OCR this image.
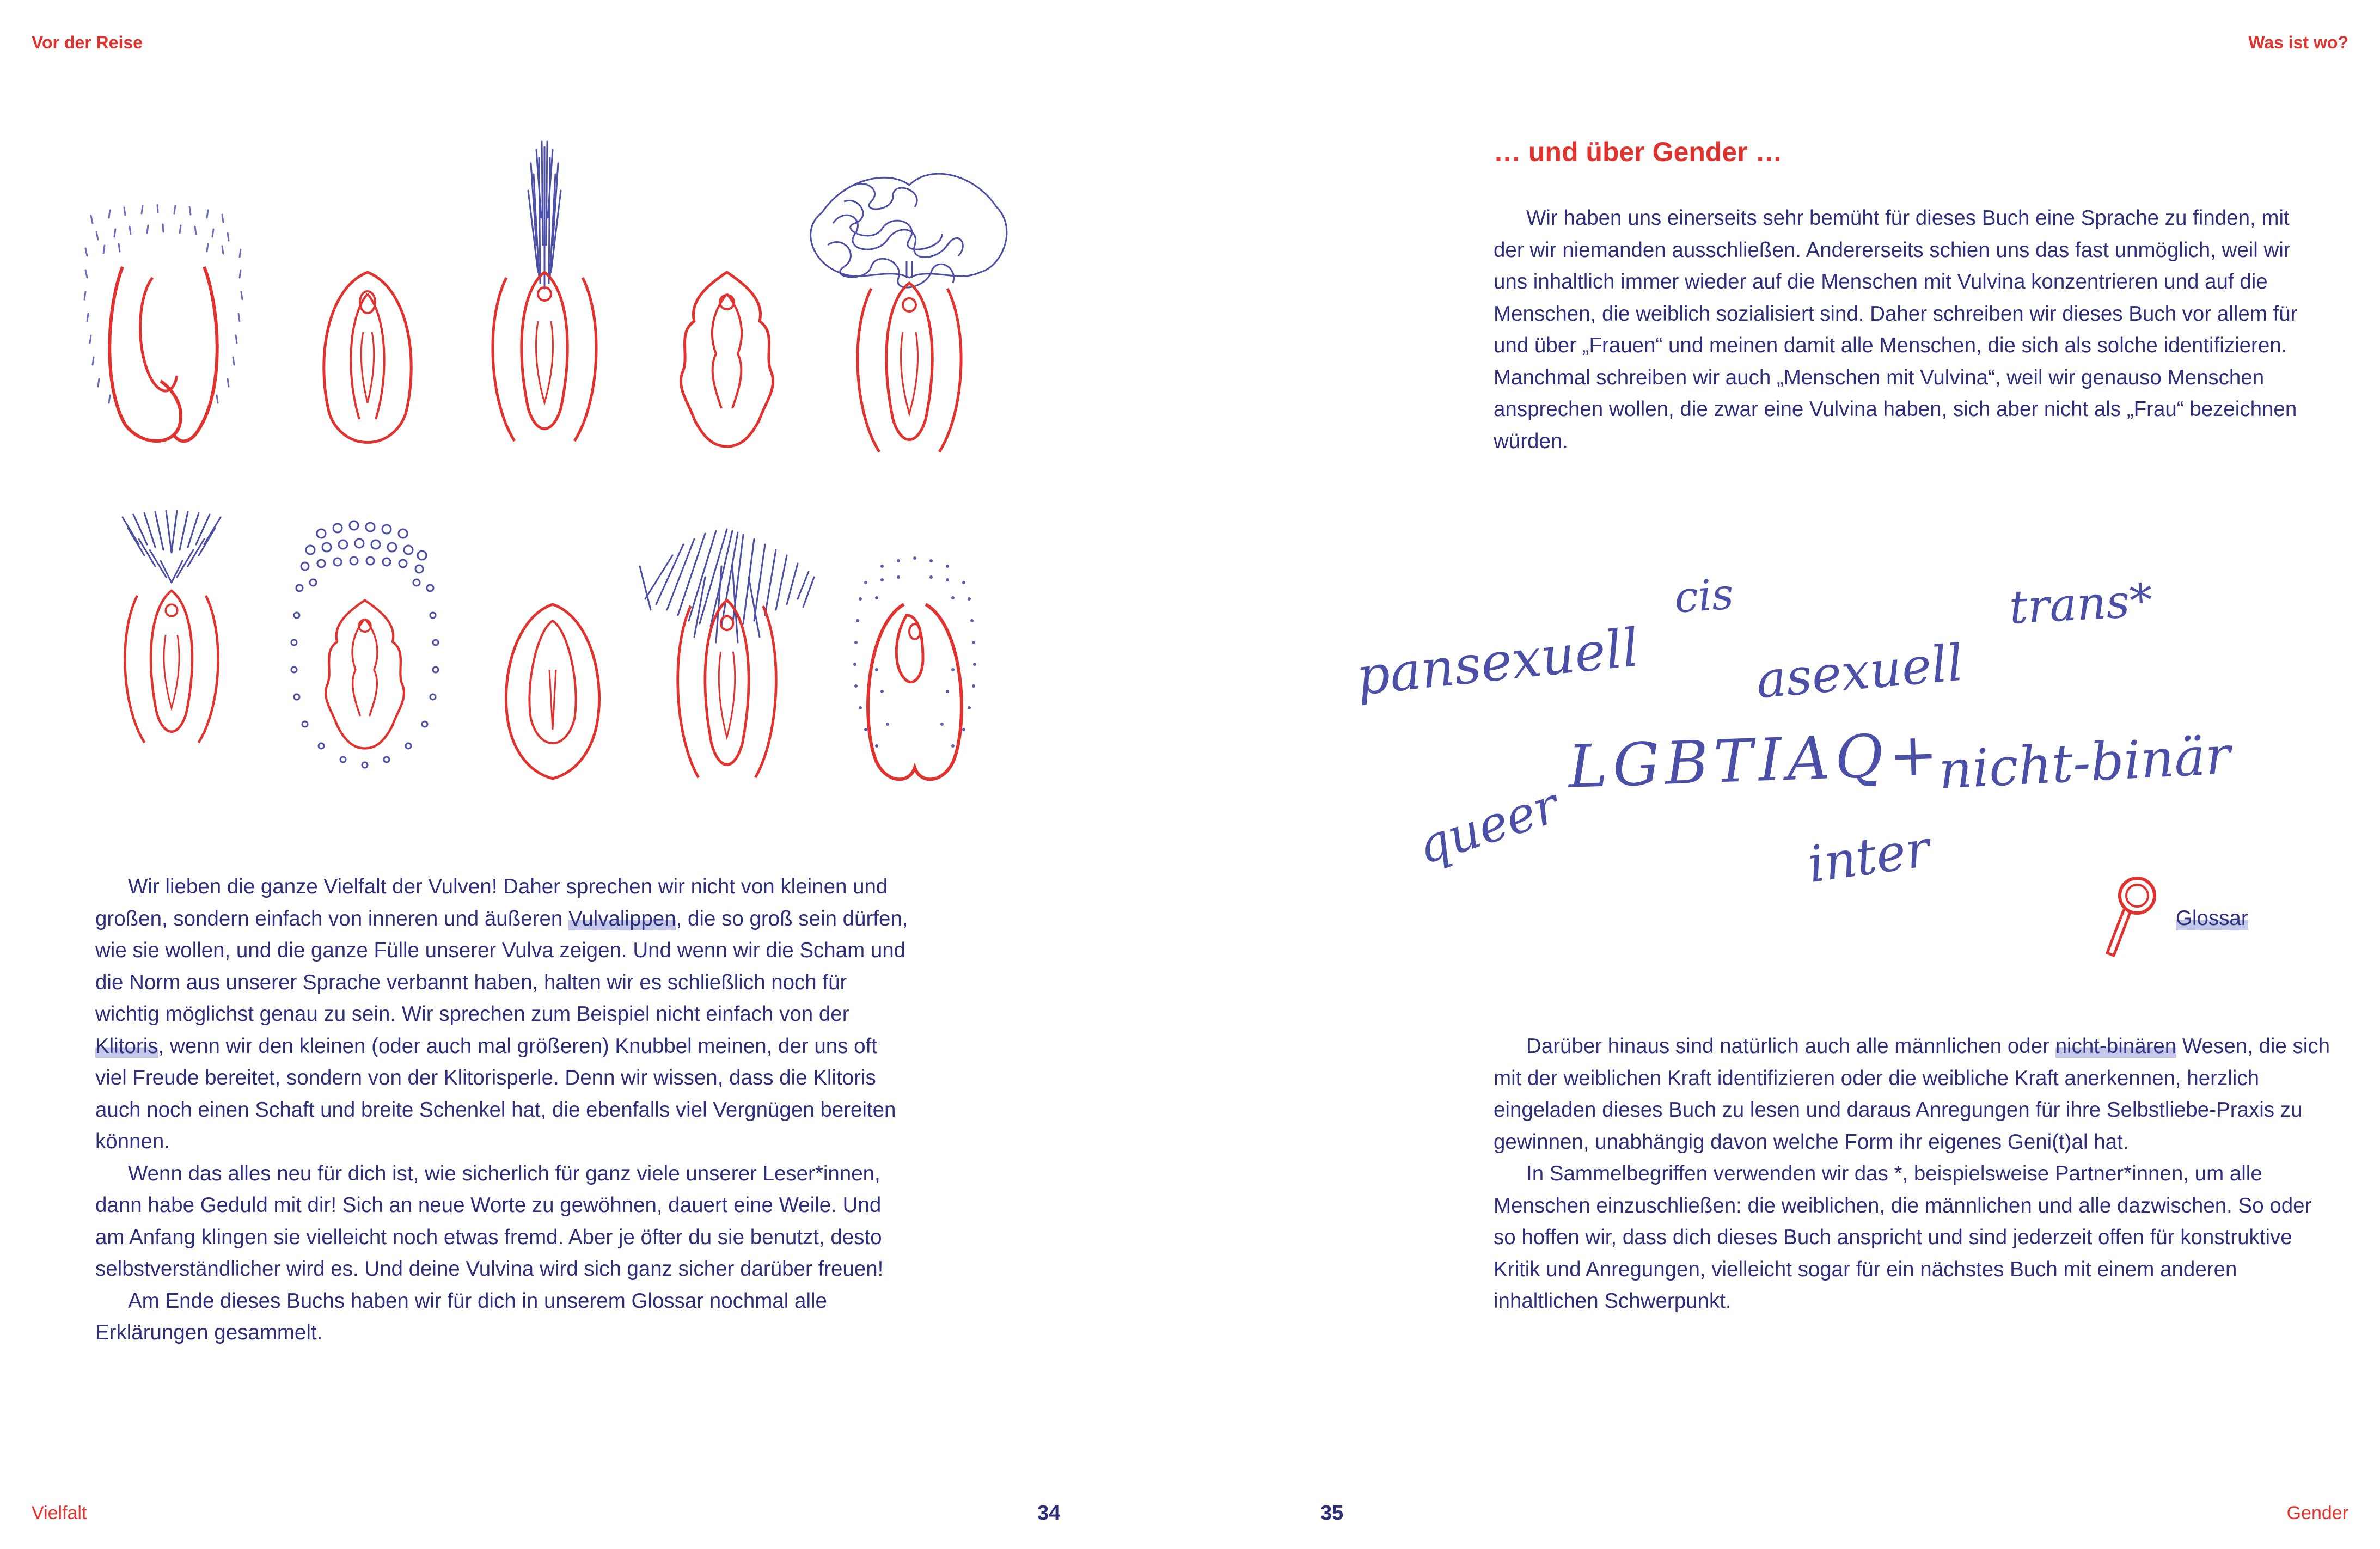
Vor der Reise	Was ist wo?
Vielfalt	34	35	Gender

Wir lieben die ganze Vielfalt der Vulven! Daher sprechen wir nicht von kleinen und großen, sondern einfach von inneren und äußeren Vulvalippen, die so groß sein dürfen, wie sie wollen, und die ganze Fülle unserer Vulva zeigen. Und wenn wir die Scham und die Norm aus unserer Sprache verbannt haben, halten wir es schließlich noch für wichtig möglichst genau zu sein. Wir sprechen zum Beispiel nicht einfach von der Klitoris, wenn wir den kleinen (oder auch mal größeren) Knubbel meinen, der uns oft viel Freude bereitet, sondern von der Klitorisperle. Denn wir wissen, dass die Klitoris auch noch einen Schaft und breite Schenkel hat, die ebenfalls viel Vergnügen bereiten können.

Wenn das alles neu für dich ist, wie sicherlich für ganz viele unserer Leser*innen, dann habe Geduld mit dir! Sich an neue Worte zu gewöhnen, dauert eine Weile. Und am Anfang klingen sie vielleicht noch etwas fremd. Aber je öfter du sie benutzt, desto selbstverständlicher wird es. Und deine Vulvina wird sich ganz sicher darüber freuen!

Am Ende dieses Buchs haben wir für dich in unserem Glossar nochmal alle Erklärungen gesammelt.

… und über Gender …

Wir haben uns einerseits sehr bemüht für dieses Buch eine Sprache zu finden, mit der wir niemanden ausschließen. Andererseits schien uns das fast unmöglich, weil wir uns inhaltlich immer wieder auf die Menschen mit Vulvina konzentrieren und auf die Menschen, die weiblich sozialisiert sind. Daher schreiben wir dieses Buch vor allem für und über „Frauen“ und meinen damit alle Menschen, die sich als solche identifizieren. Manchmal schreiben wir auch „Menschen mit Vulvina“, weil wir genauso Menschen ansprechen wollen, die zwar eine Vulvina haben, sich aber nicht als „Frau“ bezeichnen würden.

cis	trans*
pansexuell asexuell
LGBTIAQ+
nicht-binär
queer	inter
Glossar

Darüber hinaus sind natürlich auch alle männlichen oder nicht-binären Wesen, die sich mit der weiblichen Kraft identifizieren oder die weibliche Kraft anerkennen, herzlich eingeladen dieses Buch zu lesen und daraus Anregungen für ihre Selbstliebe-Praxis zu gewinnen, unabhängig davon welche Form ihr eigenes Geni(t)al hat.

In Sammelbegriffen verwenden wir das *, beispielsweise Partner*innen, um alle Menschen einzuschließen: die weiblichen, die männlichen und alle dazwischen. So oder so hoffen wir, dass dich dieses Buch anspricht und sind jederzeit offen für konstruktive Kritik und Anregungen, vielleicht sogar für ein nächstes Buch mit einem anderen inhaltlichen Schwerpunkt.
